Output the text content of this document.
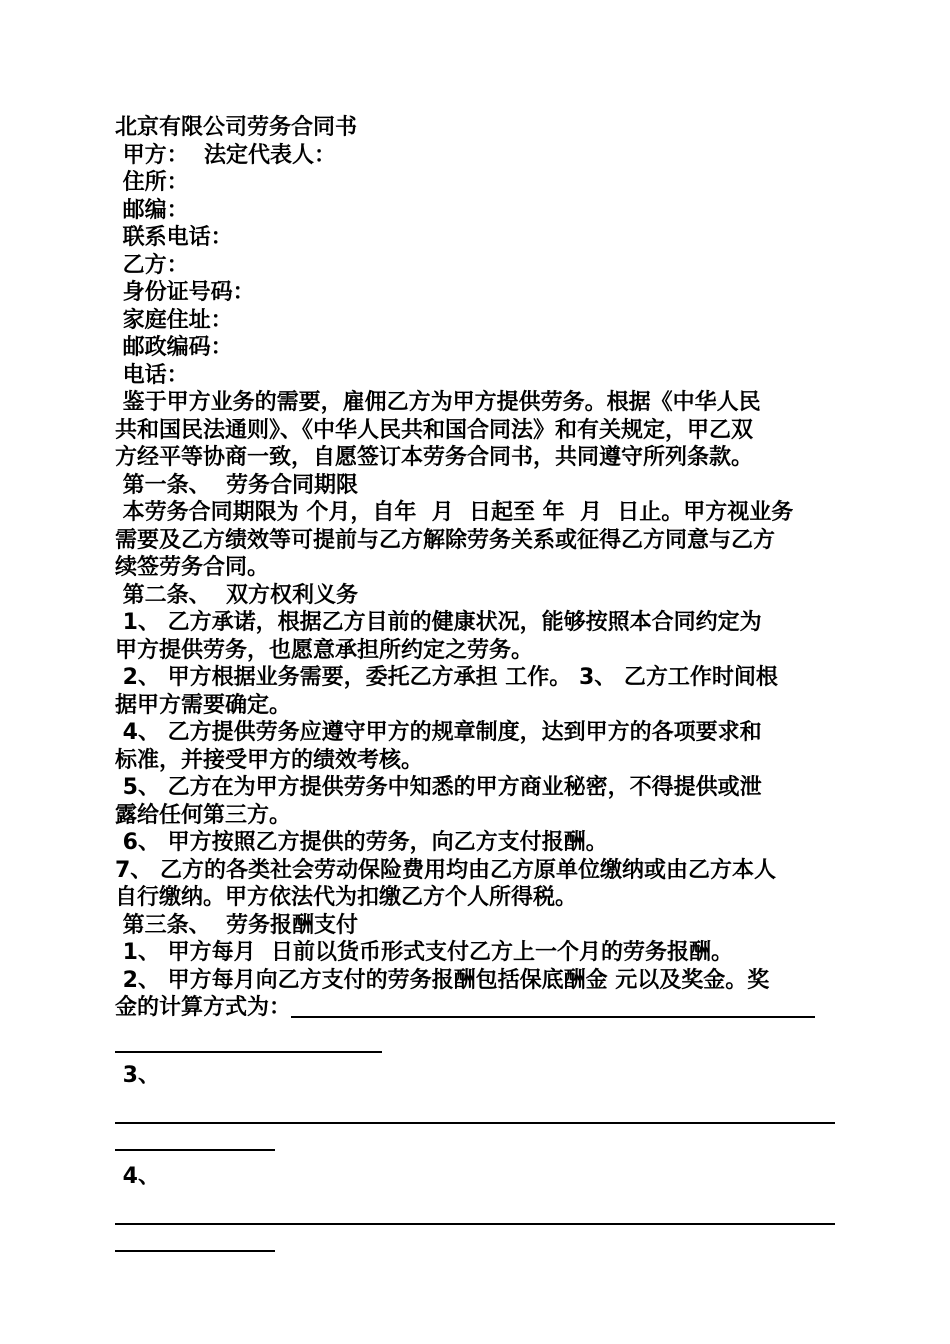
北京有限公司劳务合同书
甲方：  法定代表人：
住所：
邮编：
联系电话：
乙方：
身份证号码：
家庭住址：
邮政编码：
电话：
鉴于甲方业务的需要，雇佣乙方为甲方提供劳务。根据《中华人民
共和国民法通则》、《中华人民共和国合同法》和有关规定，甲乙双
方经平等协商一致，自愿签订本劳务合同书，共同遵守所列条款。
第一条、  劳务合同期限
本劳务合同期限为 个月，自年  月  日起至 年  月  日止。甲方视业务
需要及乙方绩效等可提前与乙方解除劳务关系或征得乙方同意与乙方
续签劳务合同。
第二条、  双方权利义务
1、 乙方承诺，根据乙方目前的健康状况，能够按照本合同约定为
甲方提供劳务，也愿意承担所约定之劳务。
2、 甲方根据业务需要，委托乙方承担 工作。 3、 乙方工作时间根
据甲方需要确定。
4、 乙方提供劳务应遵守甲方的规章制度，达到甲方的各项要求和
标准，并接受甲方的绩效考核。
5、 乙方在为甲方提供劳务中知悉的甲方商业秘密，不得提供或泄
露给任何第三方。
6、 甲方按照乙方提供的劳务，向乙方支付报酬。
7、 乙方的各类社会劳动保险费用均由乙方原单位缴纳或由乙方本人
自行缴纳。甲方依法代为扣缴乙方个人所得税。
第三条、  劳务报酬支付
1、 甲方每月  日前以货币形式支付乙方上一个月的劳务报酬。
2、 甲方每月向乙方支付的劳务报酬包括保底酬金 元以及奖金。奖
金的计算方式为：
3、
4、
